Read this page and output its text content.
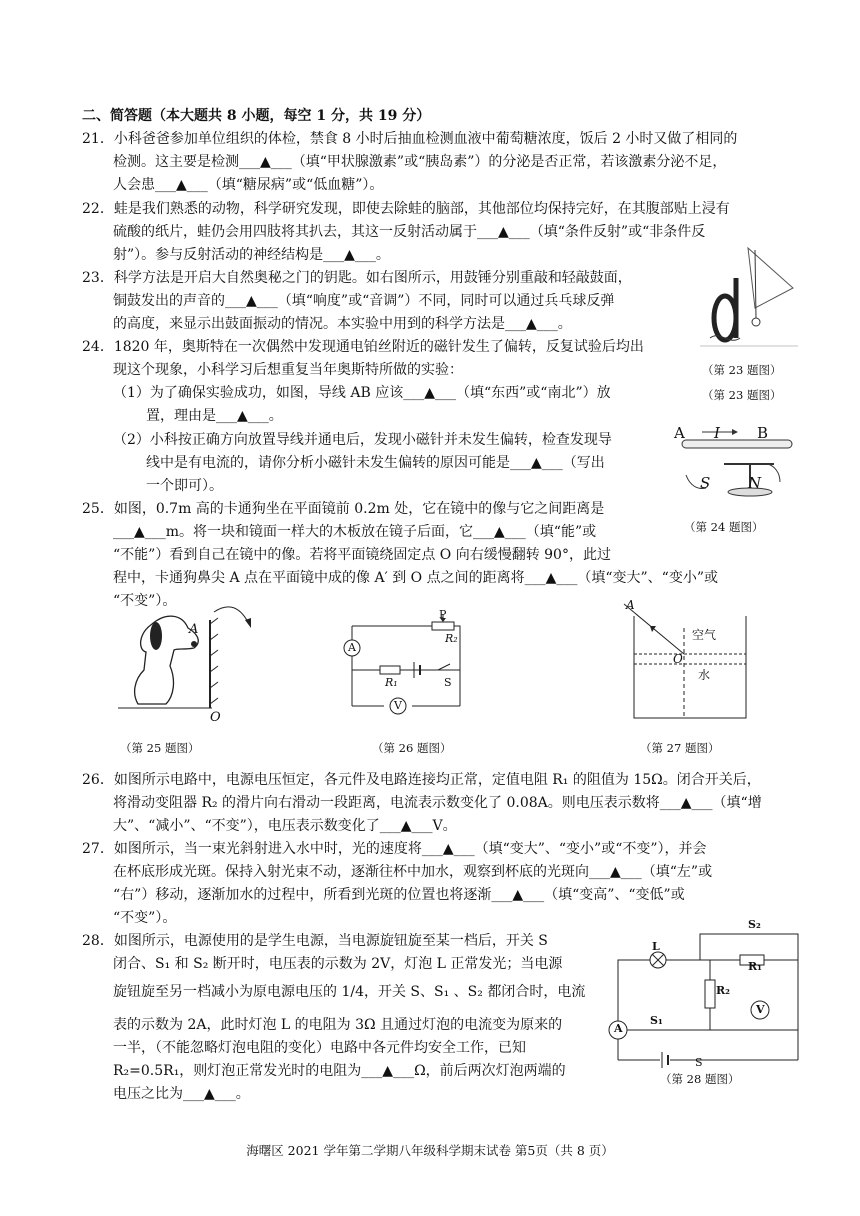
二、简答题（本大题共 8 小题，每空 1 分，共 19 分）
21．小科爸爸参加单位组织的体检，禁食 8 小时后抽血检测血液中葡萄糖浓度，饭后 2 小时又做了相同的
检测。这主要是检测___▲___（填“甲状腺激素”或“胰岛素”）的分泌是否正常，若该激素分泌不足，
人会患___▲___（填“糖尿病”或“低血糖”）。
22．蛙是我们熟悉的动物，科学研究发现，即使去除蛙的脑部，其他部位均保持完好，在其腹部贴上浸有
硫酸的纸片，蛙仍会用四肢将其扒去，其这一反射活动属于___▲___（填“条件反射”或“非条件反
射”）。参与反射活动的神经结构是___▲___。
23．科学方法是开启大自然奥秘之门的钥匙。如右图所示，用鼓锤分别重敲和轻敲鼓面，
铜鼓发出的声音的___▲___（填“响度”或“音调”）不同，同时可以通过兵乓球反弹
的高度，来显示出鼓面振动的情况。本实验中用到的科学方法是___▲___。
24．1820 年，奥斯特在一次偶然中发现通电铂丝附近的磁针发生了偏转，反复试验后均出
现这个现象，小科学习后想重复当年奥斯特所做的实验：
（1）为了确保实验成功，如图，导线 AB 应该___▲___（填“东西”或“南北”）放
置，理由是___▲___。
（2）小科按正确方向放置导线并通电后，发现小磁针并未发生偏转，检查发现导
线中是有电流的，请你分析小磁针未发生偏转的原因可能是___▲___（写出
一个即可）。
25．如图，0.7m 高的卡通狗坐在平面镜前 0.2m 处，它在镜中的像与它之间距离是
___▲___m。将一块和镜面一样大的木板放在镜子后面，它___▲___（填“能”或
“不能”）看到自己在镜中的像。若将平面镜绕固定点 O 向右缓慢翻转 90°，此过
程中，卡通狗鼻尖 A 点在平面镜中成的像 A′ 到 O 点之间的距离将___▲___（填“变大”、“变小”或
“不变”）。
26．如图所示电路中，电源电压恒定，各元件及电路连接均正常，定值电阻 R₁ 的阻值为 15Ω。闭合开关后，
将滑动变阻器 R₂ 的滑片向右滑动一段距离，电流表示数变化了 0.08A。则电压表示数将___▲___（填“增
大”、“减小”、“不变”），电压表示数变化了___▲___V。
27．如图所示，当一束光斜射进入水中时，光的速度将___▲___（填“变大”、“变小”或“不变”），并会
在杯底形成光斑。保持入射光束不动，逐渐往杯中加水，观察到杯底的光斑向___▲___（填“左”或
“右”）移动，逐渐加水的过程中，所看到光斑的位置也将逐渐___▲___（填“变高”、“变低”或
“不变”）。
28．如图所示，电源使用的是学生电源，当电源旋钮旋至某一档后，开关 S
闭合、S₁ 和 S₂ 断开时，电压表的示数为 2V，灯泡 L 正常发光；当电源
旋钮旋至另一档减小为原电源电压的 1/4，开关 S、S₁ 、S₂ 都闭合时，电流
表的示数为 2A，此时灯泡 L 的电阻为 3Ω 且通过灯泡的电流变为原来的
一半，（不能忽略灯泡电阻的变化）电路中各元件均安全工作，已知
R₂=0.5R₁，则灯泡正常发光时的电阻为___▲___Ω，前后两次灯泡两端的
电压之比为___▲___。
（第 23 题图）
（第 23 题图）
A I B
S	N
（第 24 题图）
A
O
（第 25 题图）
P
R₂
R₁	S
A
V
（第 26 题图）
A
空气
O
水
（第 27 题图）
L
S₂
R₁
R₂
S₁
A
V
S
（第 28 题图）
海曙区 2021 学年第二学期八年级科学期末试卷 第5页（共 8 页）
